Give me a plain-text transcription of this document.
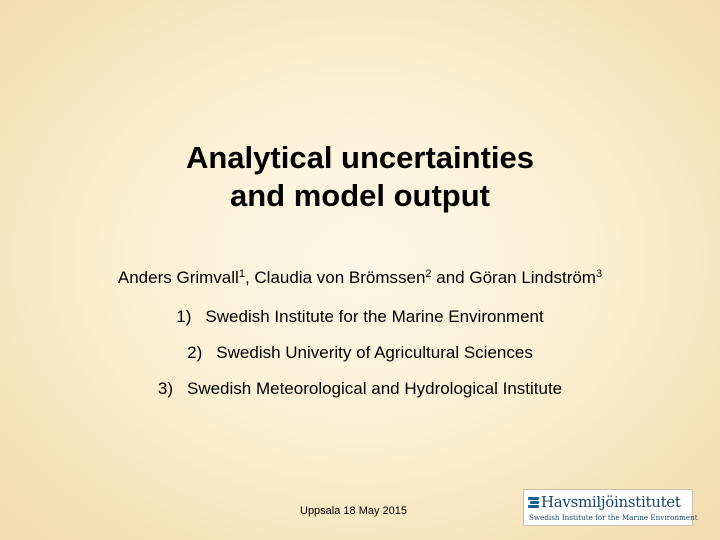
Analytical uncertainties
and model output
Anders Grimvall$^1$, Claudia von Brömssen$^2$ and Göran Lindström$^3$
1) Swedish Institute for the Marine Environment
2) Swedish Univerity of Agricultural Sciences
3) Swedish Meteorological and Hydrological Institute
Uppsala 18 May 2015	Havsmiljöinstitutet
Swedish Institute for the Marine Environment
